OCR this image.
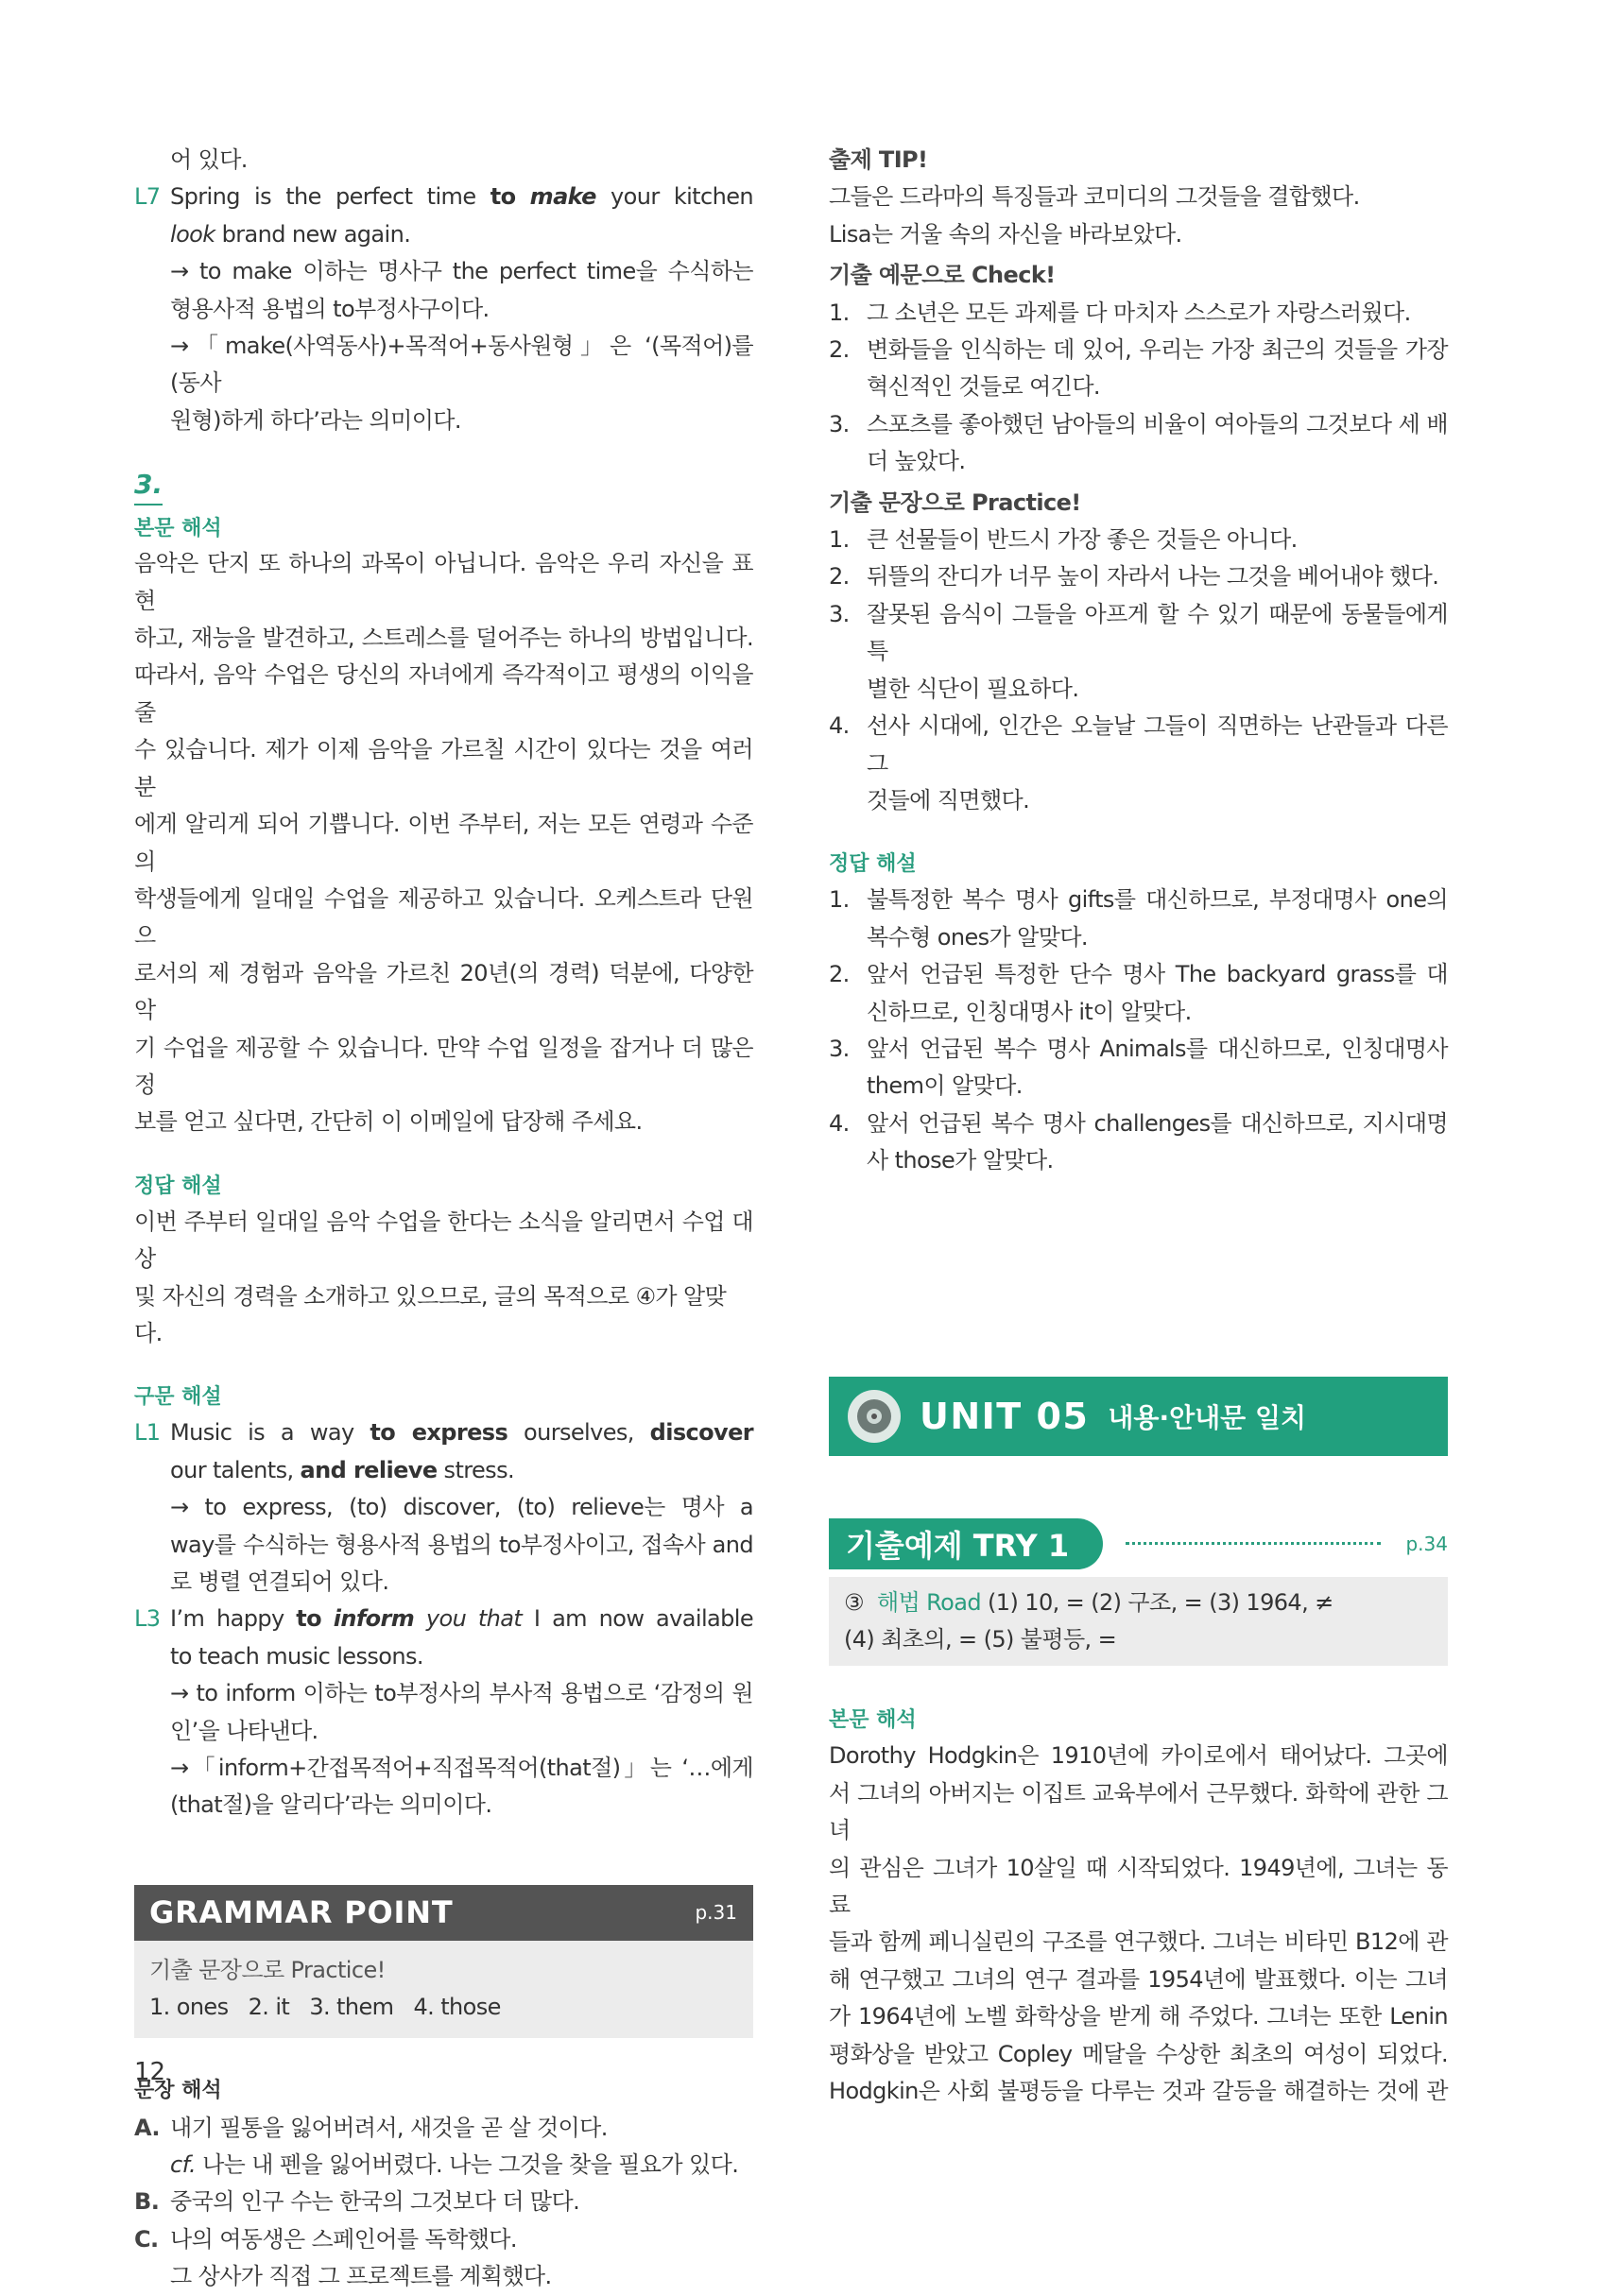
어 있다.
L7 Spring is the perfect time to make your kitchen
look brand new again.
→ to make 이하는 명사구 the perfect time을 수식하는
형용사적 용법의 to부정사구이다.
→「make(사역동사)+목적어+동사원형」은 ‘(목적어)를 (동사
원형)하게 하다’라는 의미이다.
3.
본문 해석
음악은 단지 또 하나의 과목이 아닙니다. 음악은 우리 자신을 표현
하고, 재능을 발견하고, 스트레스를 덜어주는 하나의 방법입니다.
따라서, 음악 수업은 당신의 자녀에게 즉각적이고 평생의 이익을 줄
수 있습니다. 제가 이제 음악을 가르칠 시간이 있다는 것을 여러분
에게 알리게 되어 기쁩니다. 이번 주부터, 저는 모든 연령과 수준의
학생들에게 일대일 수업을 제공하고 있습니다. 오케스트라 단원으
로서의 제 경험과 음악을 가르친 20년(의 경력) 덕분에, 다양한 악
기 수업을 제공할 수 있습니다. 만약 수업 일정을 잡거나 더 많은 정
보를 얻고 싶다면, 간단히 이 이메일에 답장해 주세요.
정답 해설
이번 주부터 일대일 음악 수업을 한다는 소식을 알리면서 수업 대상
및 자신의 경력을 소개하고 있으므로, 글의 목적으로 ④가 알맞다.
구문 해설
L1 Music is a way to express ourselves, discover
our talents, and relieve stress.
→ to express, (to) discover, (to) relieve는 명사 a
way를 수식하는 형용사적 용법의 to부정사이고, 접속사 and
로 병렬 연결되어 있다.
L3 I’m happy to inform you that I am now available
to teach music lessons.
→ to inform 이하는 to부정사의 부사적 용법으로 ‘감정의 원
인’을 나타낸다.
→「inform+간접목적어+직접목적어(that절)」는 ‘…에게
(that절)을 알리다’라는 의미이다.
GRAMMAR POINT	p.31
기출 문장으로 Practice!
1. ones 2. it 3. them 4. those
문장 해석
A. 내기 필통을 잃어버려서, 새것을 곧 살 것이다.
cf. 나는 내 펜을 잃어버렸다. 나는 그것을 찾을 필요가 있다.
B. 중국의 인구 수는 한국의 그것보다 더 많다.
C. 나의 여동생은 스페인어를 독학했다.
그 상사가 직접 그 프로젝트를 계획했다.
출제 TIP!
그들은 드라마의 특징들과 코미디의 그것들을 결합했다.
Lisa는 거울 속의 자신을 바라보았다.
기출 예문으로 Check!
1. 그 소년은 모든 과제를 다 마치자 스스로가 자랑스러웠다.
2. 변화들을 인식하는 데 있어, 우리는 가장 최근의 것들을 가장
혁신적인 것들로 여긴다.
3. 스포츠를 좋아했던 남아들의 비율이 여아들의 그것보다 세 배
더 높았다.
기출 문장으로 Practice!
1. 큰 선물들이 반드시 가장 좋은 것들은 아니다.
2. 뒤뜰의 잔디가 너무 높이 자라서 나는 그것을 베어내야 했다.
3. 잘못된 음식이 그들을 아프게 할 수 있기 때문에 동물들에게 특
별한 식단이 필요하다.
4. 선사 시대에, 인간은 오늘날 그들이 직면하는 난관들과 다른 그
것들에 직면했다.
정답 해설
1. 불특정한 복수 명사 gifts를 대신하므로, 부정대명사 one의
복수형 ones가 알맞다.
2. 앞서 언급된 특정한 단수 명사 The backyard grass를 대
신하므로, 인칭대명사 it이 알맞다.
3. 앞서 언급된 복수 명사 Animals를 대신하므로, 인칭대명사
them이 알맞다.
4. 앞서 언급된 복수 명사 challenges를 대신하므로, 지시대명
사 those가 알맞다.
UNIT 05 내용·안내문 일치
기출예제 TRY 1	p.34
③ 해법 Road (1) 10, = (2) 구조, = (3) 1964, ≠
(4) 최초의, = (5) 불평등, =
본문 해석
Dorothy Hodgkin은 1910년에 카이로에서 태어났다. 그곳에
서 그녀의 아버지는 이집트 교육부에서 근무했다. 화학에 관한 그녀
의 관심은 그녀가 10살일 때 시작되었다. 1949년에, 그녀는 동료
들과 함께 페니실린의 구조를 연구했다. 그녀는 비타민 B12에 관
해 연구했고 그녀의 연구 결과를 1954년에 발표했다. 이는 그녀
가 1964년에 노벨 화학상을 받게 해 주었다. 그녀는 또한 Lenin
평화상을 받았고 Copley 메달을 수상한 최초의 여성이 되었다.
Hodgkin은 사회 불평등을 다루는 것과 갈등을 해결하는 것에 관
12
